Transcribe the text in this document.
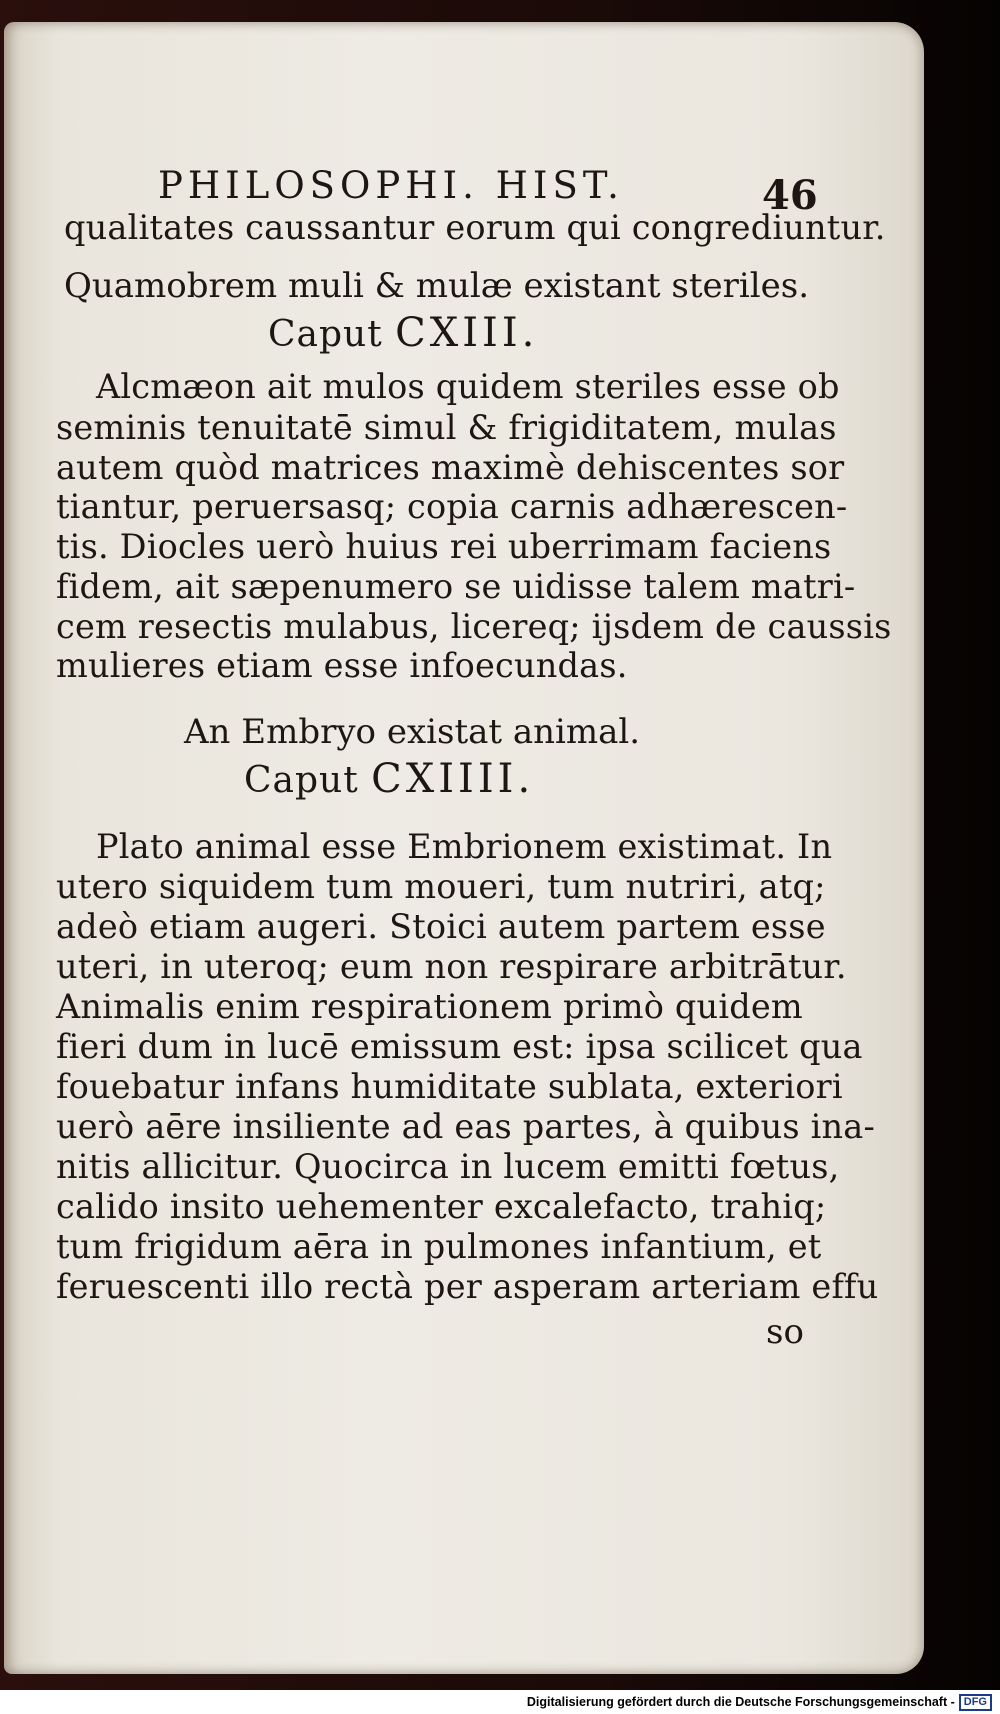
PHILOSOPHI. HIST.	46
qualitates caussantur eorum qui congrediuntur.
Quamobrem muli & mulæ existant steriles.
Caput CXIII.
Alcmæon ait mulos quidem steriles esse ob
seminis tenuitatē simul & frigiditatem, mulas
autem quòd matrices maximè dehiscentes sor
tiantur, peruersasq; copia carnis adhærescen-
tis. Diocles uerò huius rei uberrimam faciens
fidem, ait sæpenumero se uidisse talem matri-
cem resectis mulabus, licereq; ijsdem de caussis
mulieres etiam esse infoecundas.
An Embryo existat animal.
Caput CXIIII.
Plato animal esse Embrionem existimat. In
utero siquidem tum moueri, tum nutriri, atq;
adeò etiam augeri. Stoici autem partem esse
uteri, in uteroq; eum non respirare arbitrātur.
Animalis enim respirationem primò quidem
fieri dum in lucē emissum est: ipsa scilicet qua
fouebatur infans humiditate sublata, exteriori
uerò aēre insiliente ad eas partes, à quibus ina-
nitis allicitur. Quocirca in lucem emitti fœtus,
calido insito uehementer excalefacto, trahiq;
tum frigidum aēra in pulmones infantium, et
feruescenti illo rectà per asperam arteriam effu
so
Digitalisierung gefördert durch die Deutsche Forschungsgemeinschaft - DFG
